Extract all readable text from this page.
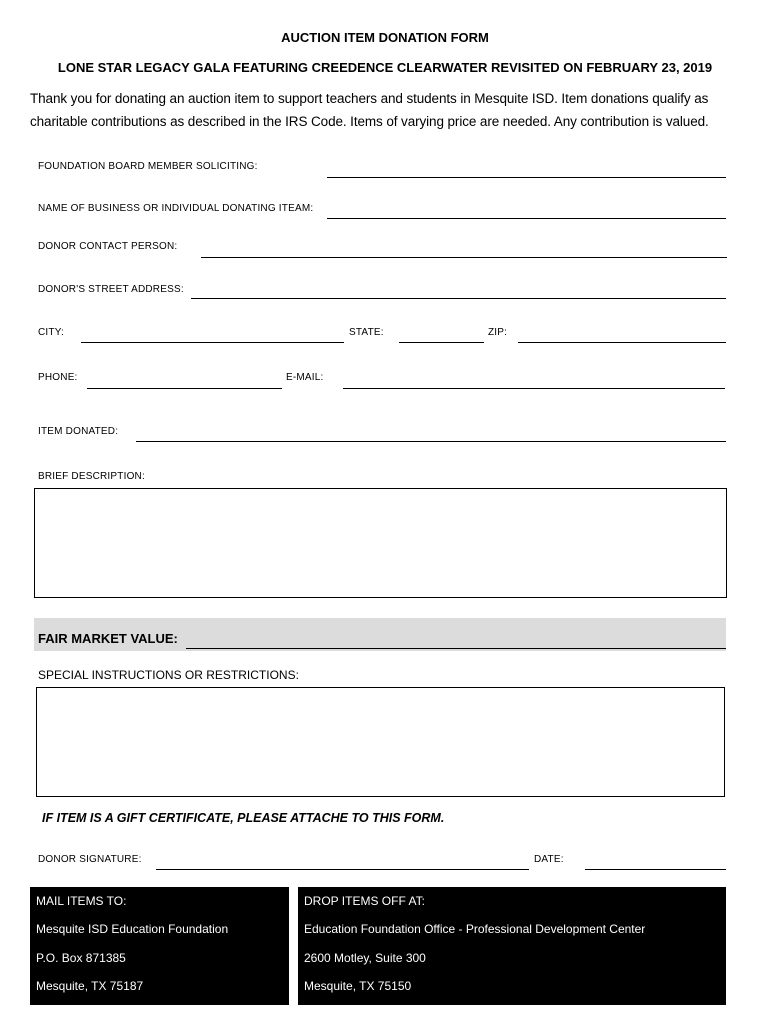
AUCTION ITEM DONATION FORM
LONE STAR LEGACY GALA FEATURING CREEDENCE CLEARWATER REVISITED ON FEBRUARY 23, 2019
Thank you for donating an auction item to support teachers and students in Mesquite ISD. Item donations qualify as
charitable contributions as described in the IRS Code. Items of varying price are needed. Any contribution is valued.
FOUNDATION BOARD MEMBER SOLICITING:
NAME OF BUSINESS OR INDIVIDUAL DONATING ITEAM:
DONOR CONTACT PERSON:
DONOR'S STREET ADDRESS:
CITY:	STATE:	ZIP:
PHONE:	E-MAIL:
ITEM DONATED:
BRIEF DESCRIPTION:
FAIR MARKET VALUE:
SPECIAL INSTRUCTIONS OR RESTRICTIONS:
IF ITEM IS A GIFT CERTIFICATE, PLEASE ATTACHE TO THIS FORM.
DONOR SIGNATURE:	DATE:
MAIL ITEMS TO:
Mesquite ISD Education Foundation
P.O. Box 871385
Mesquite, TX 75187
DROP ITEMS OFF AT:
Education Foundation Office - Professional Development Center
2600 Motley, Suite 300
Mesquite, TX 75150
